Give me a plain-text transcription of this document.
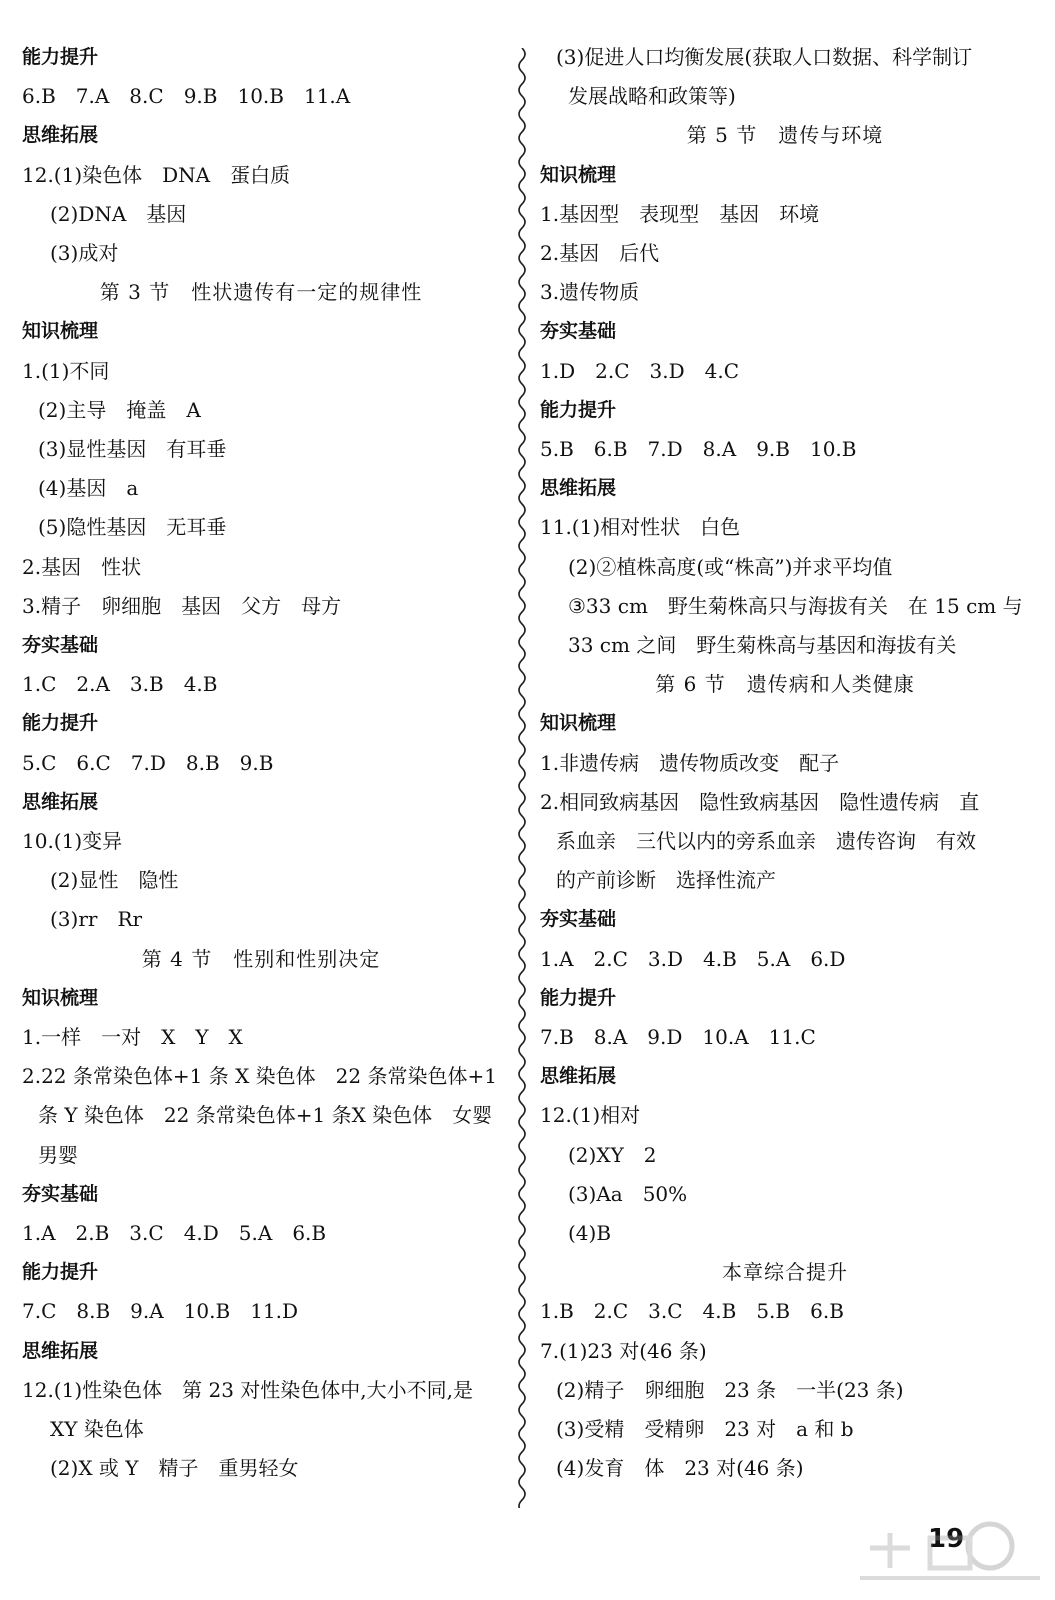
能力提升
6.B　7.A　8.C　9.B　10.B　11.A
思维拓展
12.(1)染色体　DNA　蛋白质
(2)DNA　基因
(3)成对
第 3 节　性状遗传有一定的规律性
知识梳理
1.(1)不同
(2)主导　掩盖　A
(3)显性基因　有耳垂
(4)基因　a
(5)隐性基因　无耳垂
2.基因　性状
3.精子　卵细胞　基因　父方　母方
夯实基础
1.C　2.A　3.B　4.B
能力提升
5.C　6.C　7.D　8.B　9.B
思维拓展
10.(1)变异
(2)显性　隐性
(3)rr　Rr
第 4 节　性别和性别决定
知识梳理
1.一样　一对　X　Y　X
2.22 条常染色体+1 条 X 染色体　22 条常染色体+1
条 Y 染色体　22 条常染色体+1 条X 染色体　女婴
男婴
夯实基础
1.A　2.B　3.C　4.D　5.A　6.B
能力提升
7.C　8.B　9.A　10.B　11.D
思维拓展
12.(1)性染色体　第 23 对性染色体中,大小不同,是
XY 染色体
(2)X 或 Y　精子　重男轻女
(3)促进人口均衡发展(获取人口数据、科学制订
发展战略和政策等)
第 5 节　遗传与环境
知识梳理
1.基因型　表现型　基因　环境
2.基因　后代
3.遗传物质
夯实基础
1.D　2.C　3.D　4.C
能力提升
5.B　6.B　7.D　8.A　9.B　10.B
思维拓展
11.(1)相对性状　白色
(2)②植株高度(或“株高”)并求平均值
③33 cm　野生菊株高只与海拔有关　在 15 cm 与
33 cm 之间　野生菊株高与基因和海拔有关
第 6 节　遗传病和人类健康
知识梳理
1.非遗传病　遗传物质改变　配子
2.相同致病基因　隐性致病基因　隐性遗传病　直
系血亲　三代以内的旁系血亲　遗传咨询　有效
的产前诊断　选择性流产
夯实基础
1.A　2.C　3.D　4.B　5.A　6.D
能力提升
7.B　8.A　9.D　10.A　11.C
思维拓展
12.(1)相对
(2)XY　2
(3)Aa　50%
(4)B
本章综合提升
1.B　2.C　3.C　4.B　5.B　6.B
7.(1)23 对(46 条)
(2)精子　卵细胞　23 条　一半(23 条)
(3)受精　受精卵　23 对　a 和 b
(4)发育　体　23 对(46 条)
19
